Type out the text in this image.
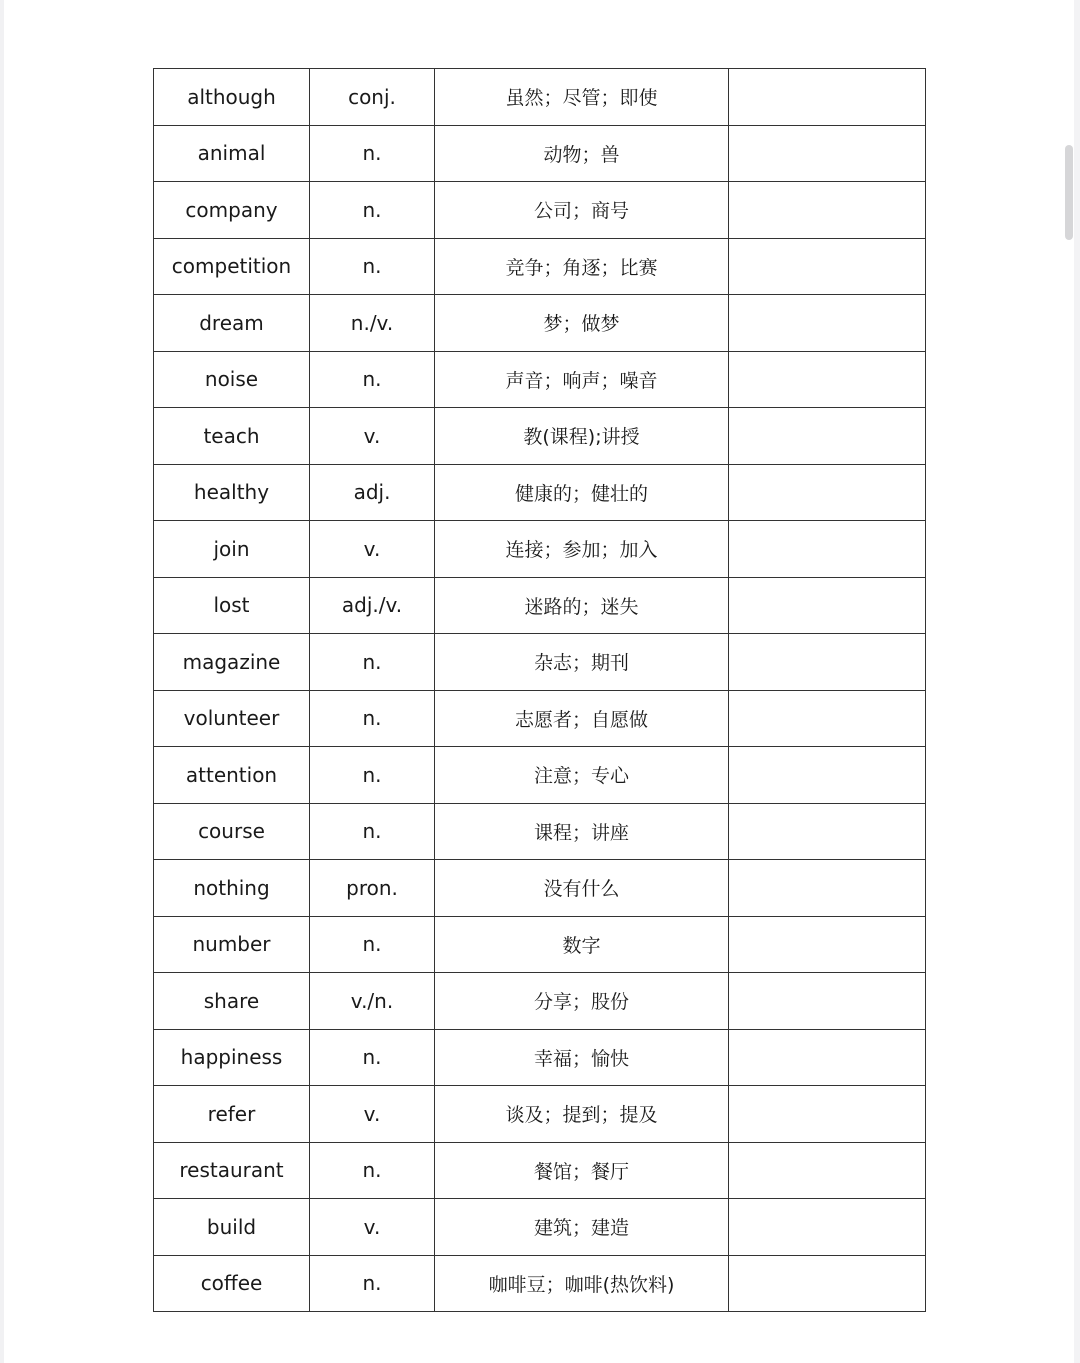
although	conj.	虽然；尽管；即使	
animal	n.	动物；兽	
company	n.	公司；商号	
competition	n.	竞争；角逐；比赛	
dream	n./v.	梦；做梦	
noise	n.	声音；响声；噪音	
teach	v.	教(课程);讲授	
healthy	adj.	健康的；健壮的	
join	v.	连接；参加；加入	
lost	adj./v.	迷路的；迷失	
magazine	n.	杂志；期刊	
volunteer	n.	志愿者；自愿做	
attention	n.	注意；专心	
course	n.	课程；讲座	
nothing	pron.	没有什么	
number	n.	数字	
share	v./n.	分享；股份	
happiness	n.	幸福；愉快	
refer	v.	谈及；提到；提及	
restaurant	n.	餐馆；餐厅	
build	v.	建筑；建造	
coffee	n.	咖啡豆；咖啡(热饮料)	
